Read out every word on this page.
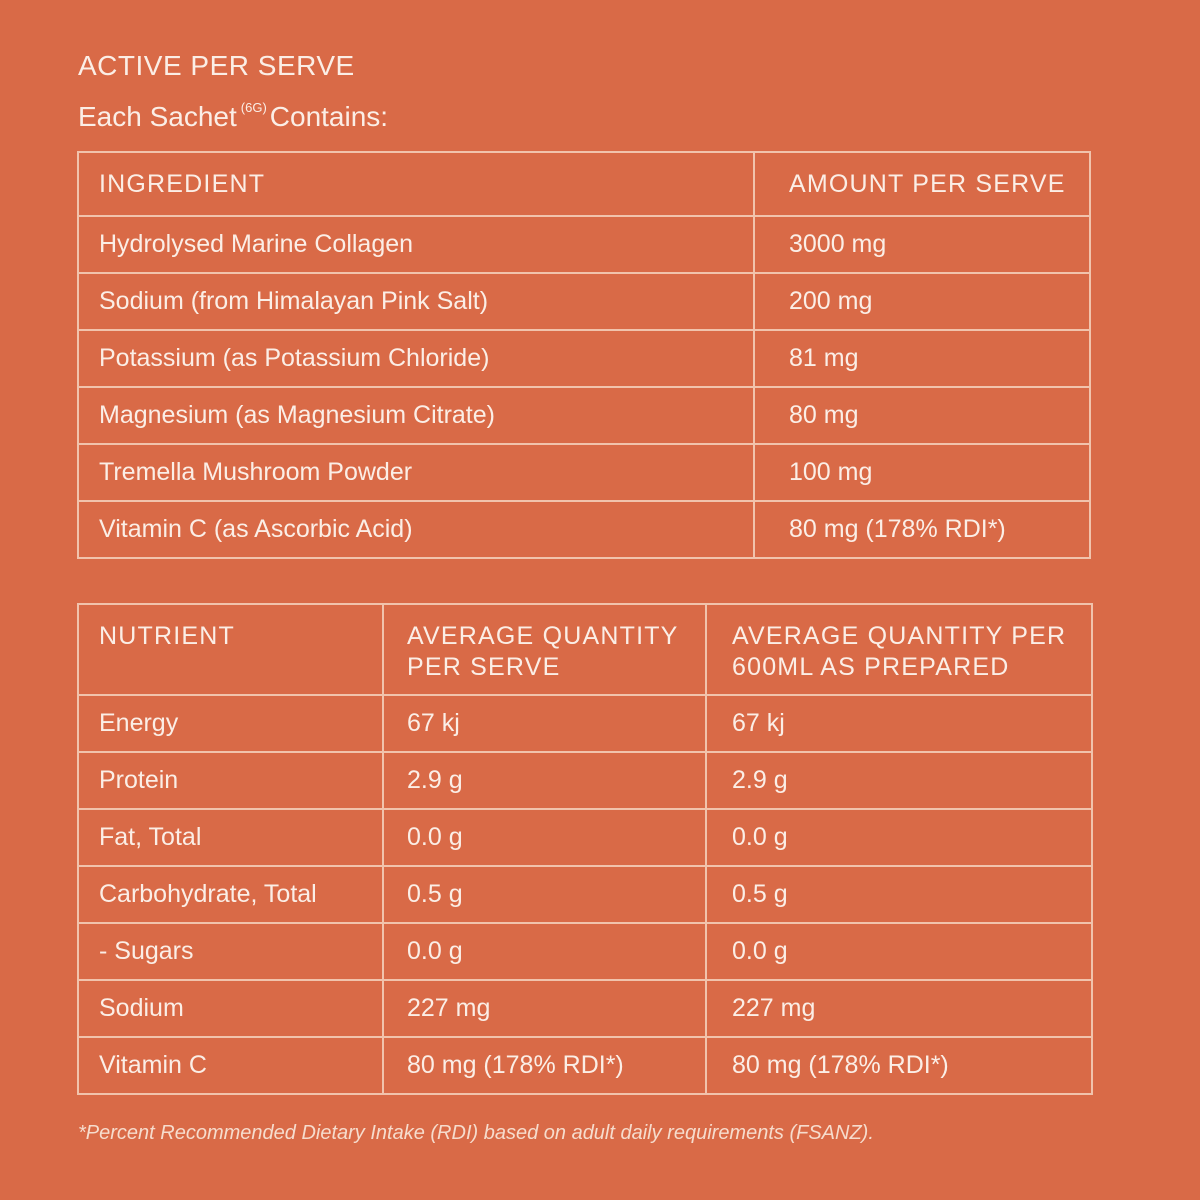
ACTIVE PER SERVE
Each Sachet $^{(6G)}$ Contains:
INGREDIENT	AMOUNT PER SERVE
Hydrolysed Marine Collagen	3000 mg
Sodium (from Himalayan Pink Salt)	200 mg
Potassium (as Potassium Chloride)	81 mg
Magnesium (as Magnesium Citrate)	80 mg
Tremella Mushroom Powder	100 mg
Vitamin C (as Ascorbic Acid)	80 mg (178% RDI*)
NUTRIENT	AVERAGE QUANTITY PER SERVE	AVERAGE QUANTITY PER 600ML AS PREPARED
Energy	67 kj	67 kj
Protein	2.9 g	2.9 g
Fat, Total	0.0 g	0.0 g
Carbohydrate, Total	0.5 g	0.5 g
- Sugars	0.0 g	0.0 g
Sodium	227 mg	227 mg
Vitamin C	80 mg (178% RDI*)	80 mg (178% RDI*)
*Percent Recommended Dietary Intake (RDI) based on adult daily requirements (FSANZ).
